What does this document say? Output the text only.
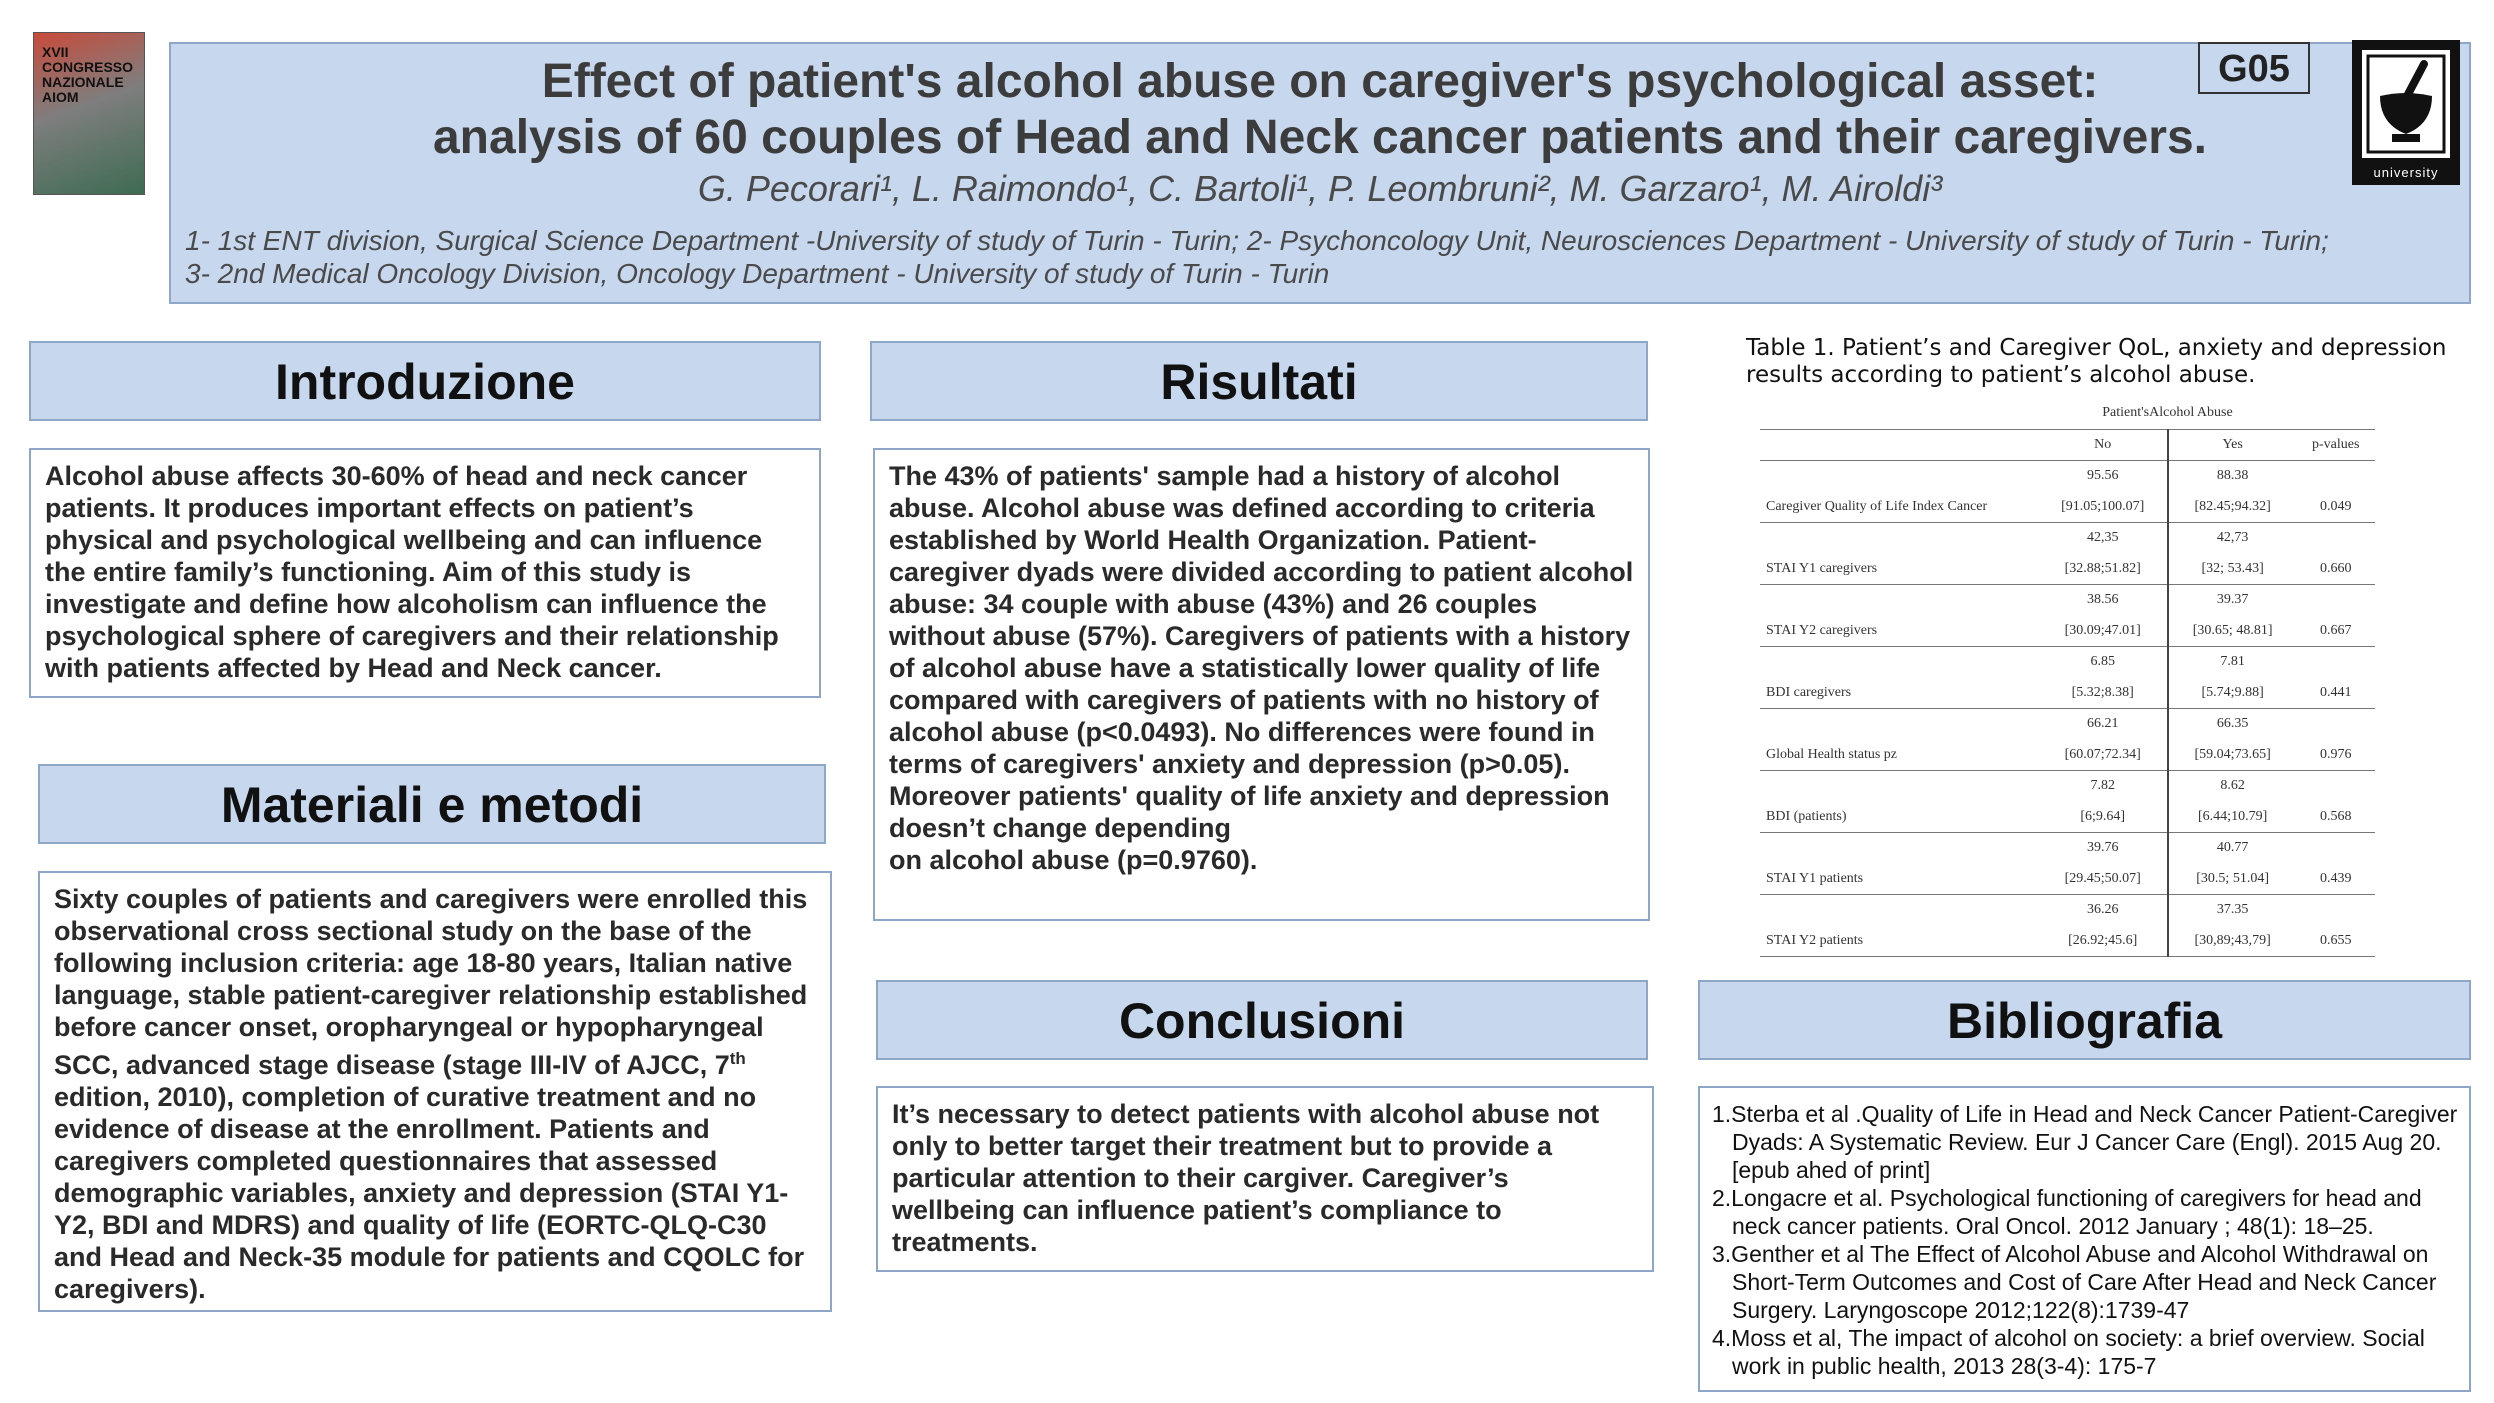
XVII CONGRESSO NAZIONALE AIOM	Effect of patient's alcohol abuse on caregiver's psychological asset:
analysis of 60 couples of Head and Neck cancer patients and their caregivers.
G. Pecorari¹, L. Raimondo¹, C. Bartoli¹, P. Leombruni², M. Garzaro¹, M. Airoldi³
1- 1st ENT division, Surgical Science Department -University of study of Turin - Turin; 2- Psychoncology Unit, Neurosciences Department - University of study of Turin - Turin;
3- 2nd Medical Oncology Division, Oncology Department - University of study of Turin - Turin
G05
university
Introduzione
Alcohol abuse affects 30-60% of head and neck cancer patients. It produces important effects on patient’s physical and psychological wellbeing and can influence the entire family’s functioning. Aim of this study is investigate and define how alcoholism can influence the psychological sphere of caregivers and their relationship with patients affected by Head and Neck cancer.
Materiali e metodi
Sixty couples of patients and caregivers were enrolled this observational cross sectional study on the base of the following inclusion criteria: age 18-80 years, Italian native language, stable patient-caregiver relationship established before cancer onset, oropharyngeal or hypopharyngeal SCC, advanced stage disease (stage III-IV of AJCC, 7th edition, 2010), completion of curative treatment and no evidence of disease at the enrollment. Patients and caregivers completed questionnaires that assessed demographic variables, anxiety and depression (STAI Y1-Y2, BDI and MDRS) and quality of life (EORTC-QLQ-C30 and Head and Neck-35 module for patients and CQOLC for caregivers).
Risultati
The 43% of patients' sample had a history of alcohol abuse. Alcohol abuse was defined according to criteria established by World Health Organization. Patient-caregiver dyads were divided according to patient alcohol abuse: 34 couple with abuse (43%) and 26 couples without abuse (57%). Caregivers of patients with a history of alcohol abuse have a statistically lower quality of life
compared with caregivers of patients with no history of alcohol abuse (p<0.0493). No differences were found in terms of caregivers' anxiety and depression (p>0.05). Moreover patients' quality of life anxiety and depression doesn’t change depending
on alcohol abuse (p=0.9760).
Table 1. Patient’s and Caregiver QoL, anxiety and depression results according to patient’s alcohol abuse.
	Patient'sAlcohol Abuse		
	No	Yes	p-values
	95.56	88.38	
Caregiver Quality of Life Index Cancer	[91.05;100.07]	[82.45;94.32]	0.049
	42,35	42,73	
STAI Y1 caregivers	[32.88;51.82]	[32; 53.43]	0.660
	38.56	39.37	
STAI Y2 caregivers	[30.09;47.01]	[30.65; 48.81]	0.667
	6.85	7.81	
BDI caregivers	[5.32;8.38]	[5.74;9.88]	0.441
	66.21	66.35	
Global Health status pz	[60.07;72.34]	[59.04;73.65]	0.976
	7.82	8.62	
BDI (patients)	[6;9.64]	[6.44;10.79]	0.568
	39.76	40.77	
STAI Y1 patients	[29.45;50.07]	[30.5; 51.04]	0.439
	36.26	37.35	
STAI Y2 patients	[26.92;45.6]	[30,89;43,79]	0.655
Conclusioni
It’s necessary to detect patients with alcohol abuse not only to better target their treatment but to provide a particular attention to their cargiver. Caregiver’s wellbeing can influence patient’s compliance to treatments.
Bibliografia
1.Sterba et al .Quality of Life in Head and Neck Cancer Patient-Caregiver Dyads: A Systematic Review. Eur J Cancer Care (Engl). 2015 Aug 20. [epub ahed of print]
2.Longacre et al. Psychological functioning of caregivers for head and neck cancer patients. Oral Oncol. 2012 January ; 48(1): 18–25.
3.Genther et al The Effect of Alcohol Abuse and Alcohol Withdrawal on Short-Term Outcomes and Cost of Care After Head and Neck Cancer Surgery. Laryngoscope 2012;122(8):1739-47
4.Moss et al, The impact of alcohol on society: a brief overview. Social work in public health, 2013 28(3-4): 175-7
